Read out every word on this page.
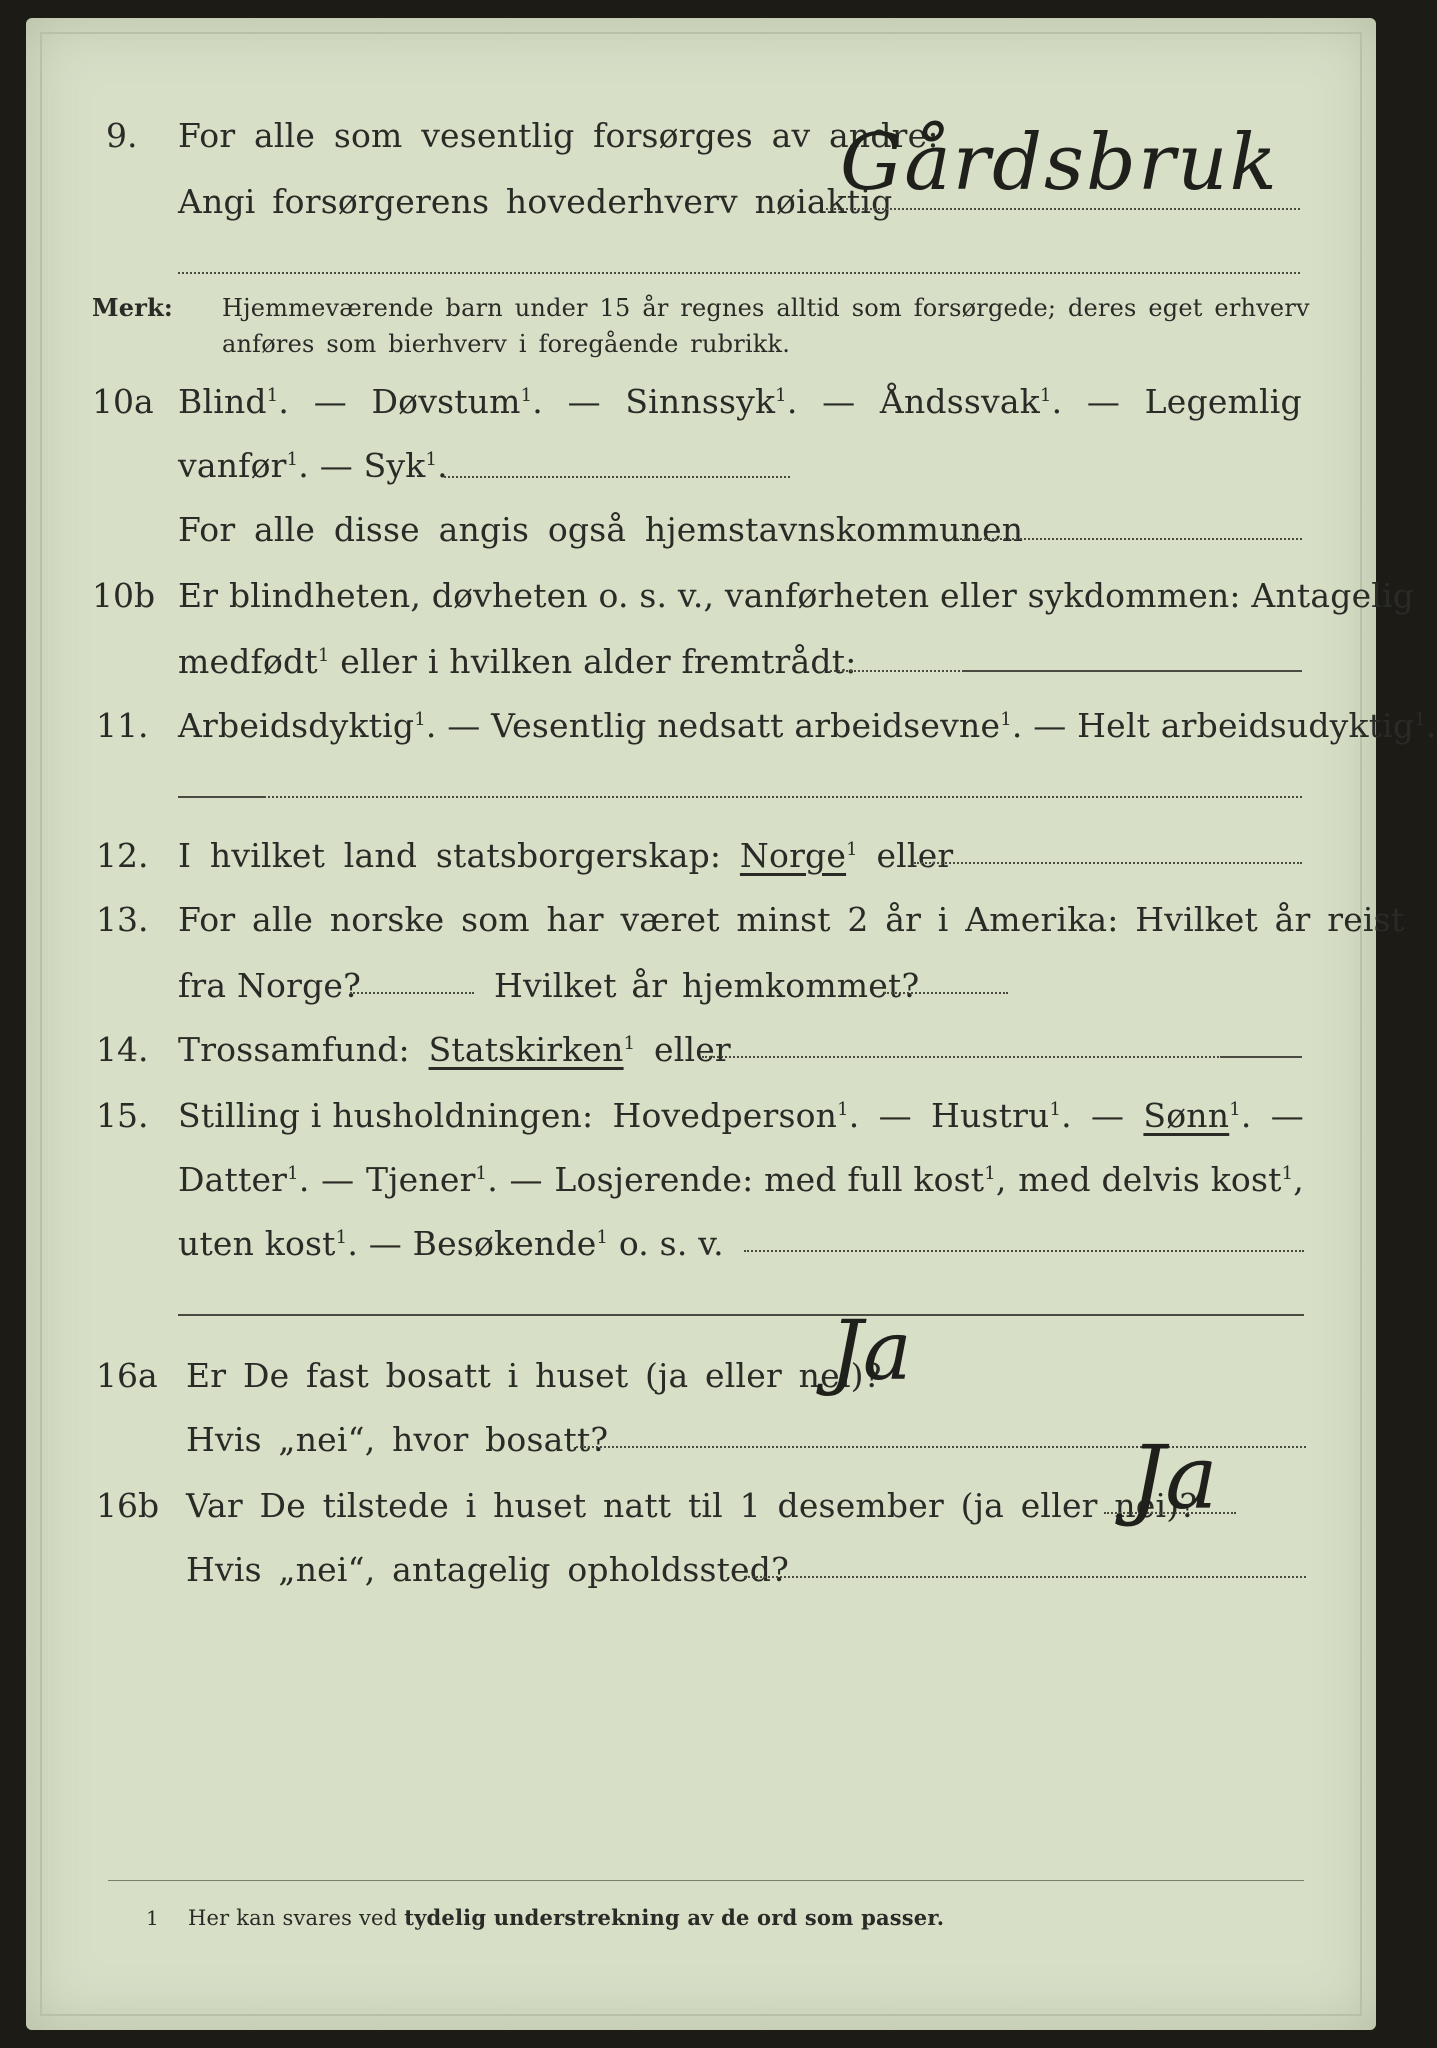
9. For alle som vesentlig forsørges av andre:
Angi forsørgerens hovederhverv nøiaktig
Gårdsbruk
Merk: Hjemmeværende barn under 15 år regnes alltid som forsørgede; deres eget erhverv
anføres som bierhverv i foregående rubrikk.
10a Blind$^1$. — Døvstum$^1$. — Sinnssyk$^1$. — Åndssvak$^1$. — Legemlig
vanfør$^1$. — Syk$^1$.
For alle disse angis også hjemstavnskommunen
10b Er blindheten, døvheten o. s. v., vanførheten eller sykdommen: Antagelig
medfødt$^1$ eller i hvilken alder fremtrådt:
11. Arbeidsdyktig$^1$. — Vesentlig nedsatt arbeidsevne$^1$. — Helt arbeidsudyktig$^1$.
12. I hvilket land statsborgerskap: Norge$^1$ eller
13. For alle norske som har været minst 2 år i Amerika: Hvilket år reist
fra Norge?	Hvilket år hjemkommet?
14. Trossamfund: Statskirken$^1$ eller
15. Stilling i husholdningen: Hovedperson$^1$. — Hustru$^1$. — Sønn$^1$. —
Datter$^1$. — Tjener$^1$. — Losjerende: med full kost$^1$, med delvis kost$^1$,
uten kost$^1$. — Besøkende$^1$ o. s. v.
16a Er De fast bosatt i huset (ja eller nei)?
Ja
Hvis „nei“, hvor bosatt?
16b Var De tilstede i huset natt til 1 desember (ja eller nei)?
Ja
Hvis „nei“, antagelig opholdssted?
1 Her kan svares ved tydelig understrekning av de ord som passer.
